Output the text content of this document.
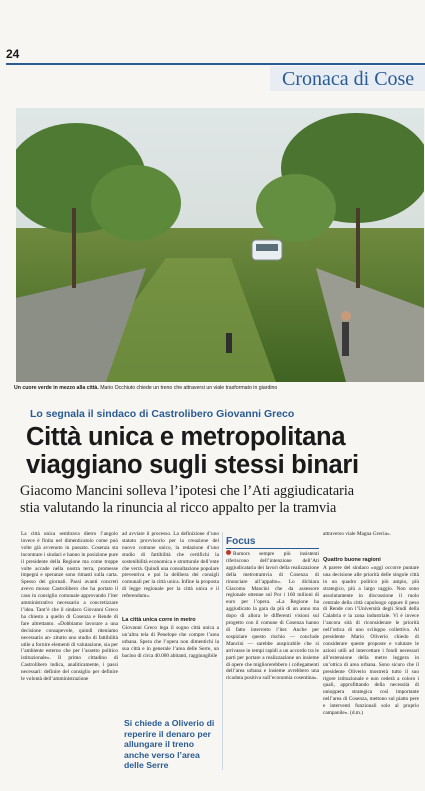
24
Cronaca di Cose
Un cuore verde in mezzo alla città. Mario Occhiuto chiede un treno che attraversi un viale trasformato in giardino
Lo segnala il sindaco di Castrolibero Giovanni Greco
Città unica e metropolitana
viaggiano sugli stessi binari
Giacomo Mancini solleva l’ipotesi che l’Ati aggiudicataria
stia valutando la rinuncia al ricco appalto per la tramvia

La città unica sembrava dietro l’angolo invece è finita nel dimenticatoio come può volte già avvenuto in passato. Cosenza sta incontrare i sindaci e hanno in posizione pure il presidente della Regione ma come troppe volte accade nella nostra terra, promesse impegni e speranze sono rimasti sulla carta. Spesso dei giornali. Passi avanti concreti avevo mosso Castrolibero che ha portato il caso in consiglio comunale approvando l’iter amministrativo necessario a concretizzare l’idea. Tant’è che il sindaco Giovanni Greco ha chiesto a quello di Cosenza e Rende di fare altrettanto. «Dobbiamo lavorare a una decisione consapevole, quindi riteniamo necessario an- zitutto uno studio di fattibilità utile a fornire elementi di valutazione, sia per l’ambiente esterno che per l’assetto politico istituzionale». Il primo cittadino di Castrolibero indica, analiticamente, i passi necessari: definire del consiglio per definire le volontà dell’amministrazione

ad avviare il processo. La definizione d’uno statuto provvisorio per la creazione del nuovo comune unico, la redazione d’uno studio di fattibilità che certifichi la sostenibilità economica e strutturale dell’ente che verrà. Quindi una consultazione popolare preventiva e poi la delibera dei consigli comunali per la città unica. Infine la proposta di legge regionale per la città unica e il referendum».

La città unica corre in metro

Giovanni Greco lega il sogno città unica a un’altra tela di Penelope che compre l’area urbana. Spera che l’opera non dimentichi la sua città e in generale l’area delle Serre, un bacino di circa 40.000 abitanti, raggiungibile

Si chiede a Oliverio di reperire il denaro per allungare il treno anche verso l’area delle Serre
Focus

Rumors sempre più insistenti riferiscono dell’intenzione dell’Ati aggiudicataria dei lavori della realizzazione della metrotramvia di Cosenza di rinunciare all’appalto». Lo dichiara Giacomo Mancini che da assessore regionale ottenne sul Por i 160 milioni di euro per l’opera. «La Regione ha aggiudicato la gara da più di un anno ma dopo di allora le differenti visioni sul progetto con il comune di Cosenza hanno di fatto interrotto l’iter. Anche per sospiziare questo rischio — conclude Mancini — sarebbe auspicabile che si arrivasse in tempi rapidi a un accordo tra le parti per portare a realizzazione un insieme di opere che migliorerebbero i collegamenti dell’area urbana e insieme avrebbero una ricaduta positiva sull’economia cosentina».

attraverso viale Magna Grecia».

Quattro buone ragioni

A parere del sindaco «oggi occorre puntare una decisione alle priorità delle singole città in un quadro politico più ampio, più strategico, più a largo raggio. Non sono assolutamente in discussione il ruolo centrale della città capoluogo oppure il peso di Rende con l’Università degli Studi della Calabria e la zona industriale. Vi è invece l’ancora sità di riconsiderare le priorità nell’ottica di uno sviluppo collettivo. Al presidente Mario Oliverio chiedo di considerare queste proposte e valutare le azioni utili ad intercettare i fondi necessari all’estensione della metro leggera in un’ottica di area urbana. Sono sicuro che il presidente Oliverio mostrerà tutto il suo rigore istituzionale e non cederà a coloro i quali, approfittando della necessità di unioppera strategica così importante nell’area di Cosenza, mettono sul piatto pere e interventi funzionali solo al proprio campanile». (d.m.)
